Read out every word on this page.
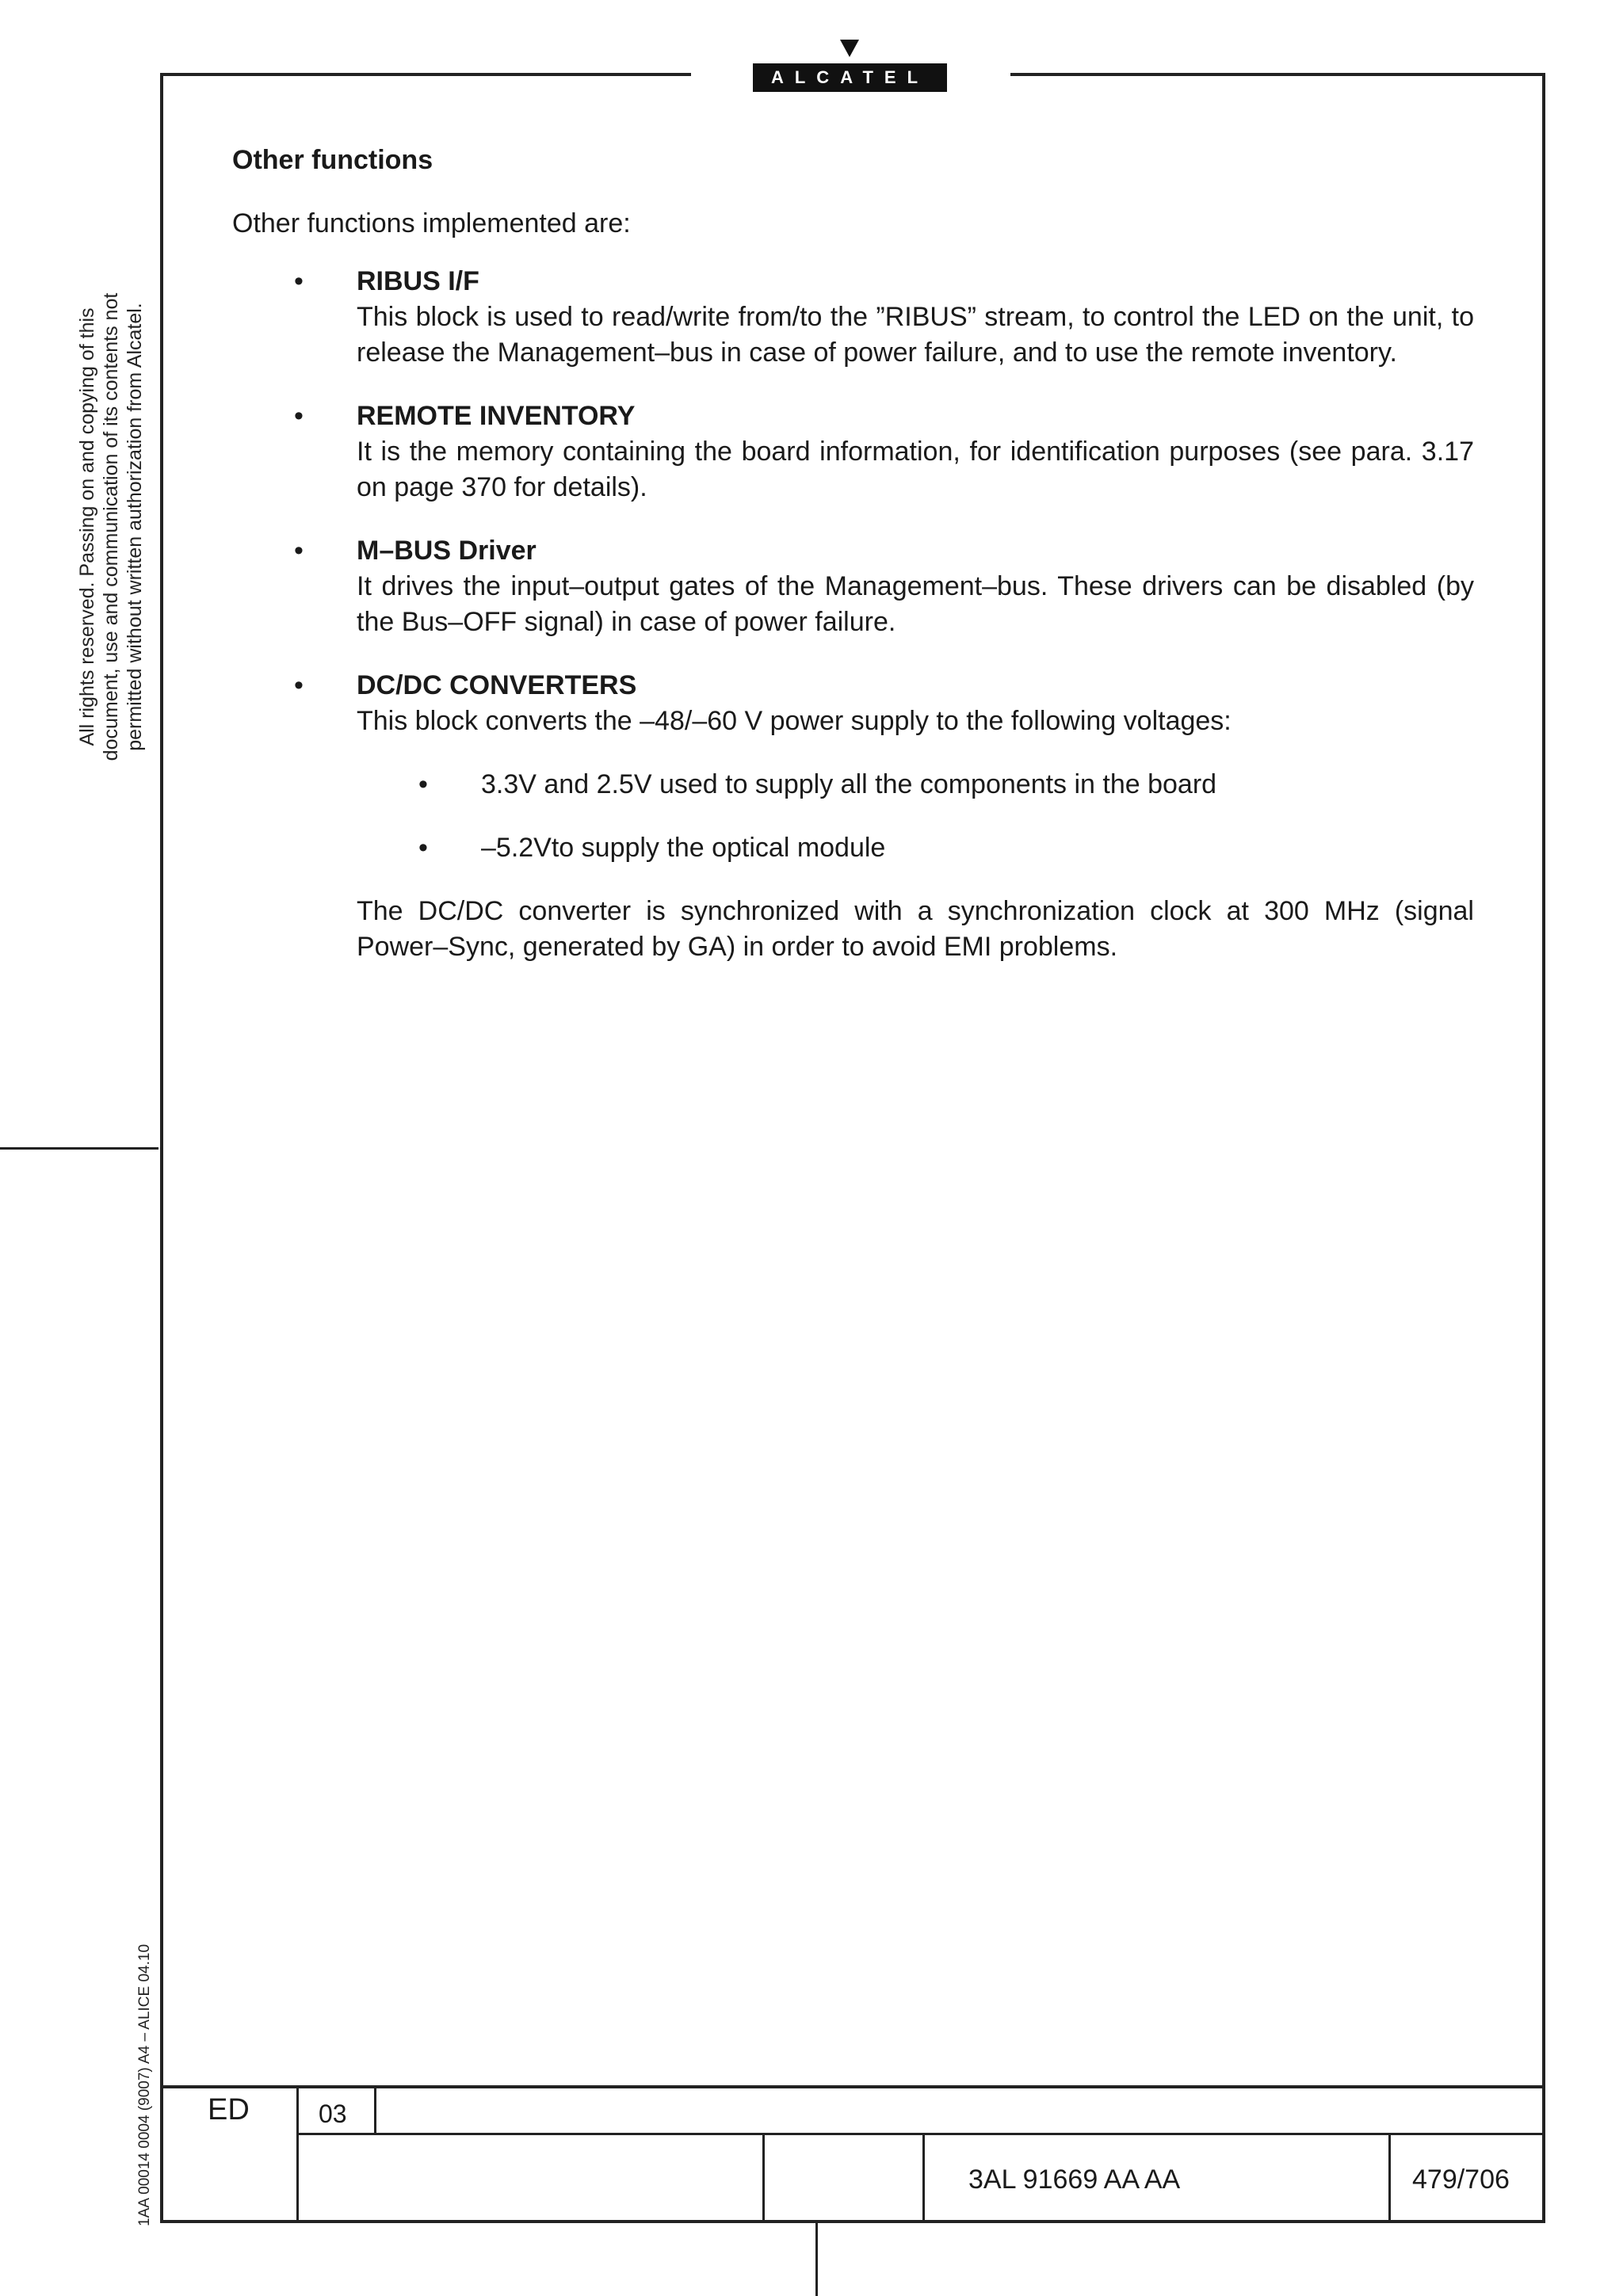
ALCATEL
All rights reserved. Passing on and copying of this document, use and communication of its contents not permitted without written authorization from Alcatel.
1AA 00014 0004 (9007) A4 – ALICE 04.10

Other functions

Other functions implemented are:

• RIBUS I/F
This block is used to read/write from/to the ”RIBUS” stream, to control the LED on the unit, to release the Management–bus in case of power failure, and to use the remote inventory.
• REMOTE INVENTORY
It is the memory containing the board information, for identification purposes (see para. 3.17 on page 370 for details).
• M–BUS Driver
It drives the input–output gates of the Management–bus. These drivers can be disabled (by the Bus–OFF signal) in case of power failure.
• DC/DC CONVERTERS
This block converts the –48/–60 V power supply to the following voltages:
• 3.3V and 2.5V used to supply all the components in the board
• –5.2Vto supply the optical module
The DC/DC converter is synchronized with a synchronization clock at 300 MHz (signal Power–Sync, generated by GA) in order to avoid EMI problems.
ED	03
3AL 91669 AA AA	479/706
